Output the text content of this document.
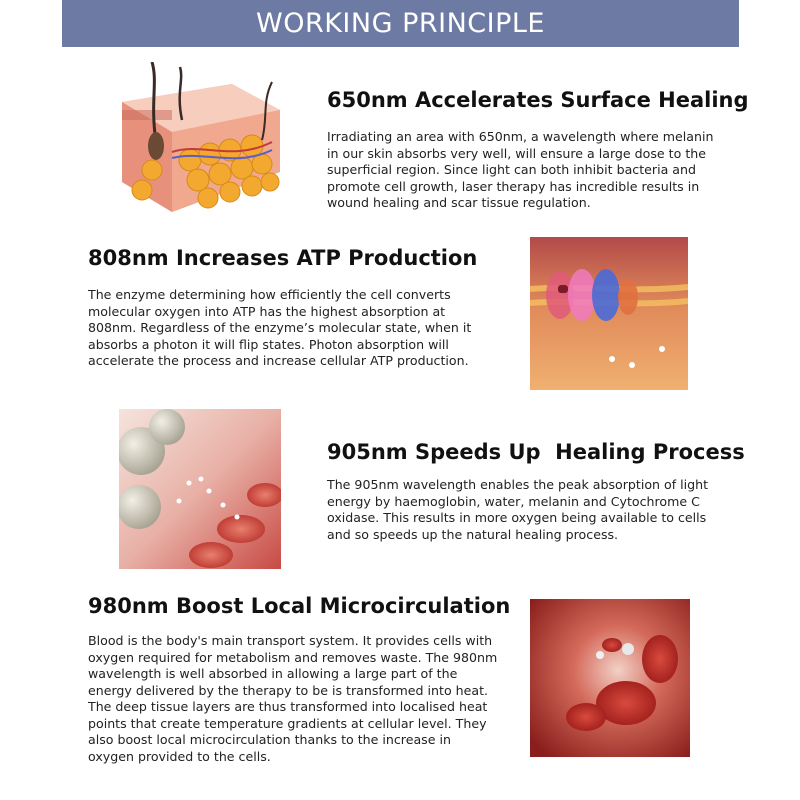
WORKING PRINCIPLE
650nm Accelerates Surface Healing

Irradiating an area with 650nm, a wavelength where melanin in our skin absorbs very well, will ensure a large dose to the superficial region. Since light can both inhibit bacteria and promote cell growth, laser therapy has incredible results in wound healing and scar tissue regulation.

808nm Increases ATP Production

The enzyme determining how efficiently the cell converts molecular oxygen into ATP has the highest absorption at 808nm. Regardless of the enzyme’s molecular state, when it absorbs a photon it will flip states. Photon absorption will accelerate the process and increase cellular ATP production.

905nm Speeds Up  Healing Process

The 905nm wavelength enables the peak absorption of light energy by haemoglobin, water, melanin and Cytochrome C oxidase. This results in more oxygen being available to cells and so speeds up the natural healing process.

980nm Boost Local Microcirculation

Blood is the body's main transport system. It provides cells with oxygen required for metabolism and removes waste. The 980nm wavelength is well absorbed in allowing a large part of the energy delivered by the therapy to be is transformed into heat. The deep tissue layers are thus transformed into localised heat points that create temperature gradients at cellular level. They also boost local microcirculation thanks to the increase in oxygen provided to the cells.
